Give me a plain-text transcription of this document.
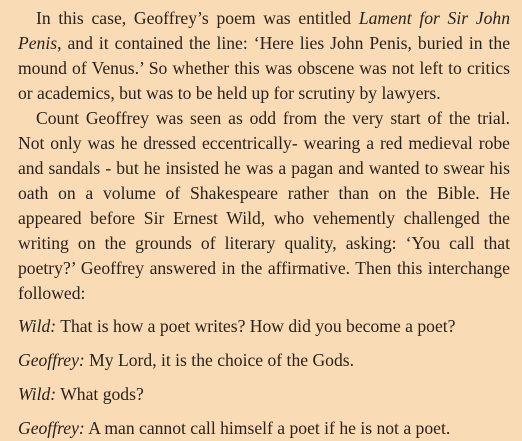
In this case, Geoffrey’s poem was entitled Lament for Sir John Penis, and it contained the line: ‘Here lies John Penis, buried in the mound of Venus.’ So whether this was obscene was not left to critics or academics, but was to be held up for scrutiny by lawyers.

Count Geoffrey was seen as odd from the very start of the trial. Not only was he dressed eccentrically- wearing a red medieval robe and sandals - but he insisted he was a pagan and wanted to swear his oath on a volume of Shakespeare rather than on the Bible. He appeared before Sir Ernest Wild, who vehemently challenged the writing on the grounds of literary quality, asking: ‘You call that poetry?’ Geoffrey answered in the affirmative. Then this interchange followed:

Wild: That is how a poet writes? How did you become a poet?

Geoffrey: My Lord, it is the choice of the Gods.

Wild: What gods?

Geoffrey: A man cannot call himself a poet if he is not a poet.
